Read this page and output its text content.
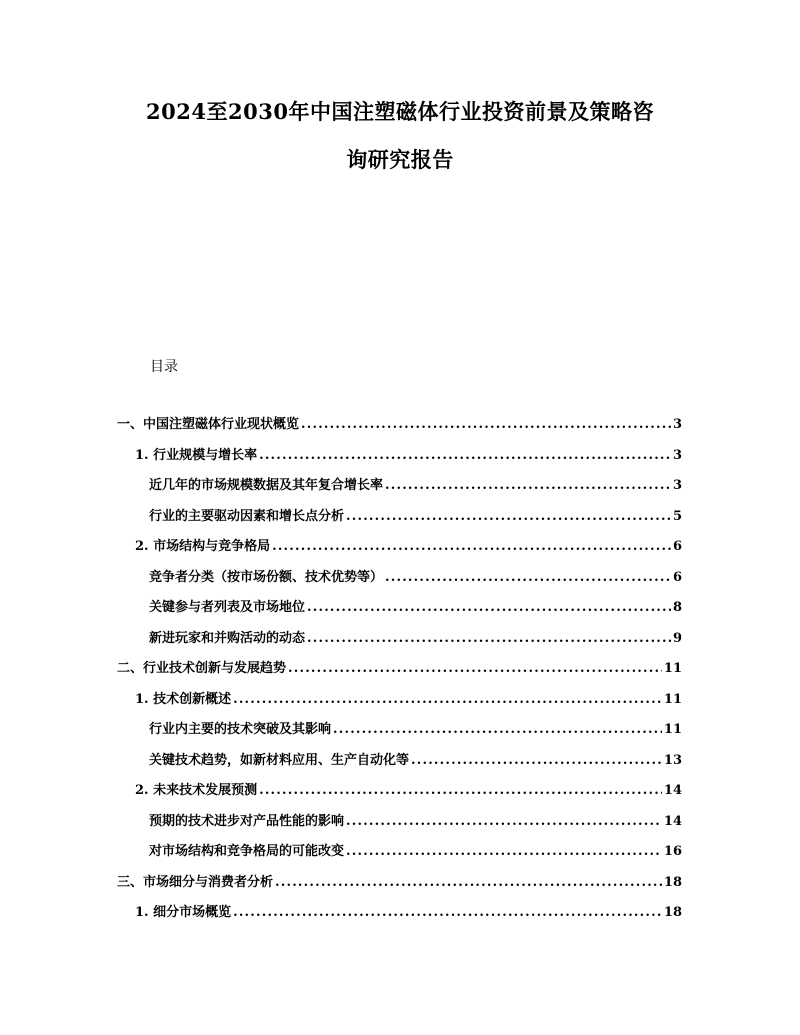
2024至2030年中国注塑磁体行业投资前景及策略咨
询研究报告
目录
一、中国注塑磁体行业现状概览 .....	3
1. 行业规模与增长率 .....	3
近几年的市场规模数据及其年复合增长率 .....	3
行业的主要驱动因素和增长点分析 .....	5
2. 市场结构与竞争格局 .....	6
竞争者分类（按市场份额、技术优势等） .....	6
关键参与者列表及市场地位 .....	8
新进玩家和并购活动的动态 .....	9
二、行业技术创新与发展趋势 .....	11
1. 技术创新概述 .....	11
行业内主要的技术突破及其影响 .....	11
关键技术趋势，如新材料应用、生产自动化等 .....	13
2. 未来技术发展预测 .....	14
预期的技术进步对产品性能的影响 .....	14
对市场结构和竞争格局的可能改变 .....	16
三、市场细分与消费者分析 .....	18
1. 细分市场概览 .....	18
